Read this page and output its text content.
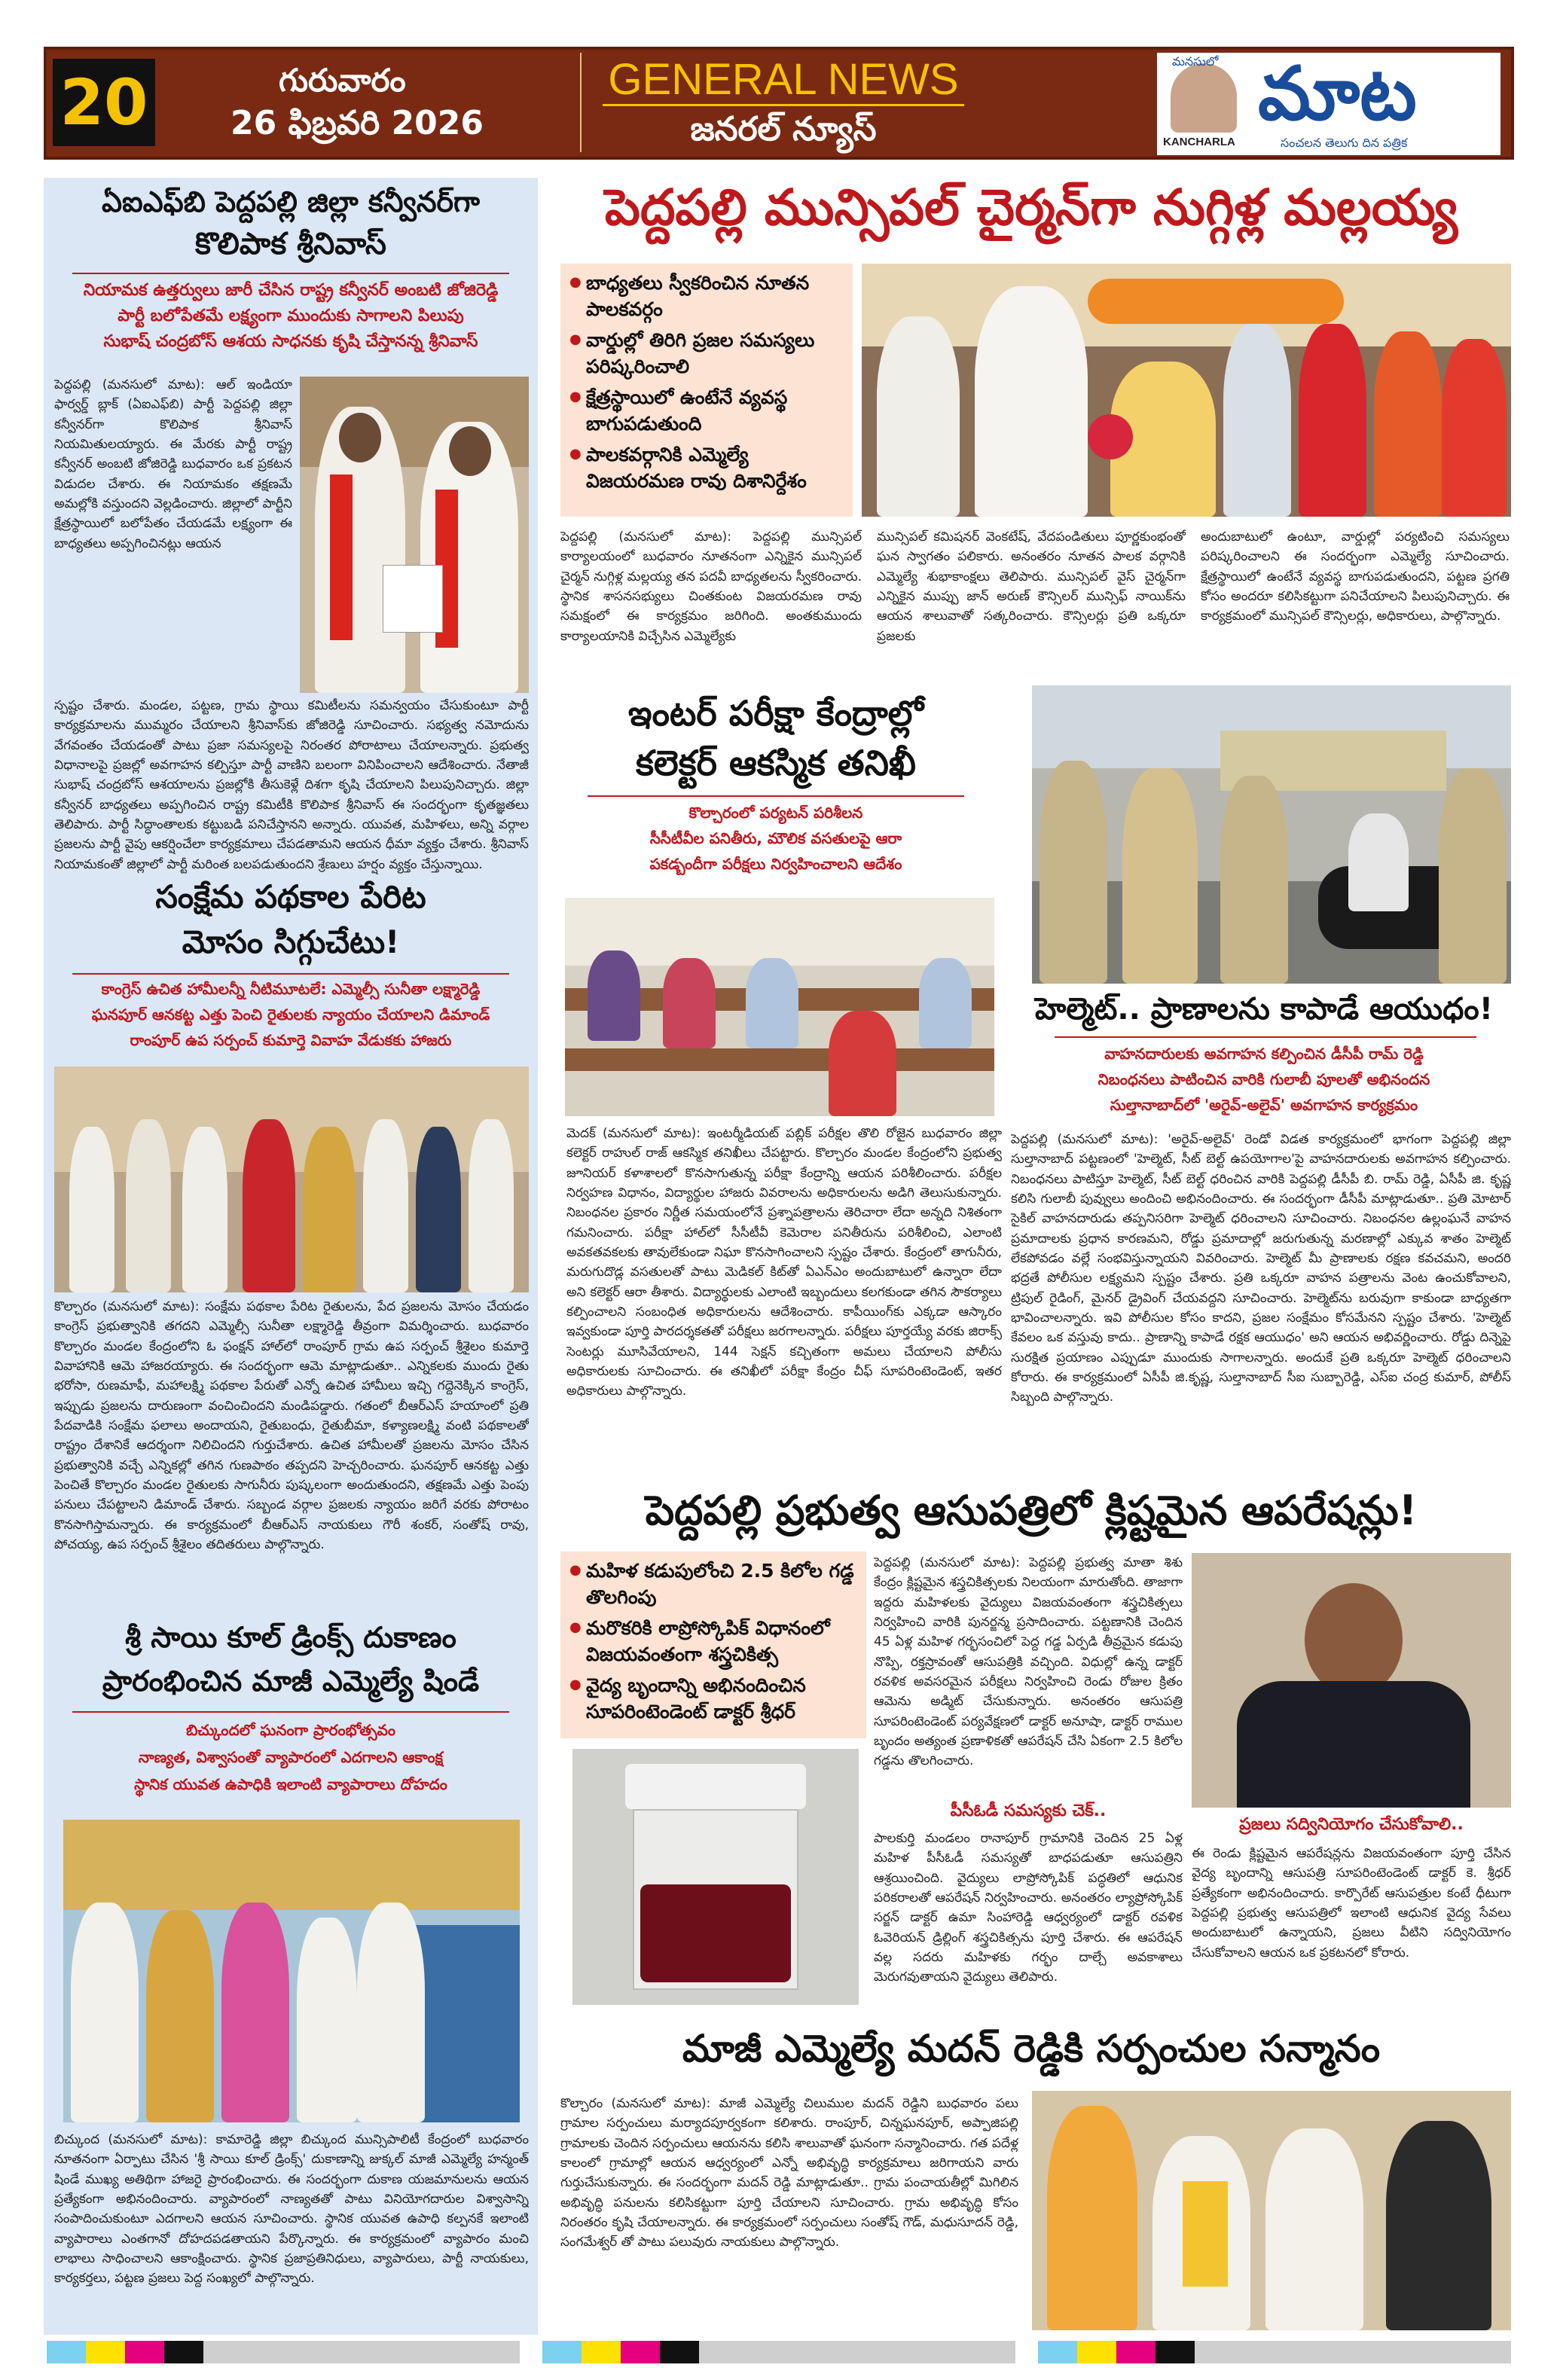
20	గురువారం
26 ఫిబ్రవరి 2026
GENERAL NEWS
జనరల్ న్యూస్
మనసులో
KANCHARLA
మాట
సంచలన తెలుగు దిన పత్రిక
ఏఐఎఫ్‌బి పెద్దపల్లి జిల్లా కన్వీనర్‌గా
కొలిపాక శ్రీనివాస్
నియామక ఉత్తర్వులు జారీ చేసిన రాష్ట్ర కన్వీనర్ అంబటి జోజిరెడ్డి
పార్టీ బలోపేతమే లక్ష్యంగా ముందుకు సాగాలని పిలుపు
సుభాష్ చంద్రబోస్ ఆశయ సాధనకు కృషి చేస్తానన్న శ్రీనివాస్
పెద్దపల్లి (మనసులో మాట): ఆల్ ఇండియా ఫార్వర్డ్ బ్లాక్ (ఏఐఎఫ్‌బి) పార్టీ పెద్దపల్లి జిల్లా కన్వీనర్‌గా కొలిపాక శ్రీనివాస్ నియమితులయ్యారు. ఈ మేరకు పార్టీ రాష్ట్ర కన్వీనర్ అంబటి జోజిరెడ్డి బుధవారం ఒక ప్రకటన విడుదల చేశారు. ఈ నియామకం తక్షణమే అమల్లోకి వస్తుందని వెల్లడించారు. జిల్లాలో పార్టీని క్షేత్రస్థాయిలో బలోపేతం చేయడమే లక్ష్యంగా ఈ బాధ్యతలు అప్పగించినట్లు ఆయన
స్పష్టం చేశారు. మండల, పట్టణ, గ్రామ స్థాయి కమిటీలను సమన్వయం చేసుకుంటూ పార్టీ కార్యక్రమాలను ముమ్మరం చేయాలని శ్రీనివాస్‌కు జోజిరెడ్డి సూచించారు. సభ్యత్వ నమోదును వేగవంతం చేయడంతో పాటు ప్రజా సమస్యలపై నిరంతర పోరాటాలు చేయాలన్నారు. ప్రభుత్వ విధానాలపై ప్రజల్లో అవగాహన కల్పిస్తూ పార్టీ వాణిని బలంగా వినిపించాలని ఆదేశించారు. నేతాజీ సుభాష్ చంద్రబోస్ ఆశయాలను ప్రజల్లోకి తీసుకెళ్లే దిశగా కృషి చేయాలని పిలుపునిచ్చారు. జిల్లా కన్వీనర్ బాధ్యతలు అప్పగించిన రాష్ట్ర కమిటీకి కొలిపాక శ్రీనివాస్ ఈ సందర్భంగా కృతజ్ఞతలు తెలిపారు. పార్టీ సిద్ధాంతాలకు కట్టుబడి పనిచేస్తానని అన్నారు. యువత, మహిళలు, అన్ని వర్గాల ప్రజలను పార్టీ వైపు ఆకర్షించేలా కార్యక్రమాలు చేపడతామని ఆయన ధీమా వ్యక్తం చేశారు. శ్రీనివాస్ నియామకంతో జిల్లాలో పార్టీ మరింత బలపడుతుందని శ్రేణులు హర్షం వ్యక్తం చేస్తున్నాయి.
సంక్షేమ పథకాల పేరిట
మోసం సిగ్గుచేటు!
కాంగ్రెస్ ఉచిత హామీలన్నీ నీటిమూటలే: ఎమ్మెల్సీ సునీతా లక్ష్మారెడ్డి
ఘనపూర్ ఆనకట్ట ఎత్తు పెంచి రైతులకు న్యాయం చేయాలని డిమాండ్
రాంపూర్ ఉప సర్పంచ్ కుమార్తె వివాహ వేడుకకు హాజరు
కొల్చారం (మనసులో మాట): సంక్షేమ పథకాల పేరిట రైతులను, పేద ప్రజలను మోసం చేయడం కాంగ్రెస్ ప్రభుత్వానికి తగదని ఎమ్మెల్సీ సునీతా లక్ష్మారెడ్డి తీవ్రంగా విమర్శించారు. బుధవారం కొల్చారం మండల కేంద్రంలోని ఓ ఫంక్షన్ హాల్‌లో రాంపూర్ గ్రామ ఉప సర్పంచ్ శ్రీశైలం కుమార్తె వివాహానికి ఆమె హాజరయ్యారు. ఈ సందర్భంగా ఆమె మాట్లాడుతూ.. ఎన్నికలకు ముందు రైతు భరోసా, రుణమాఫీ, మహాలక్ష్మి పథకాల పేరుతో ఎన్నో ఉచిత హామీలు ఇచ్చి గద్దెనెక్కిన కాంగ్రెస్, ఇప్పుడు ప్రజలను దారుణంగా వంచించిందని మండిపడ్డారు. గతంలో బీఆర్‌ఎస్ హయాంలో ప్రతి పేదవాడికి సంక్షేమ ఫలాలు అందాయని, రైతుబంధు, రైతుబీమా, కళ్యాణలక్ష్మి వంటి పథకాలతో రాష్ట్రం దేశానికే ఆదర్శంగా నిలిచిందని గుర్తుచేశారు. ఉచిత హామీలతో ప్రజలను మోసం చేసిన ప్రభుత్వానికి వచ్చే ఎన్నికల్లో తగిన గుణపాఠం తప్పదని హెచ్చరించారు. ఘనపూర్ ఆనకట్ట ఎత్తు పెంచితే కొల్చారం మండల రైతులకు సాగునీరు పుష్కలంగా అందుతుందని, తక్షణమే ఎత్తు పెంపు పనులు చేపట్టాలని డిమాండ్ చేశారు. సబ్బండ వర్గాల ప్రజలకు న్యాయం జరిగే వరకు పోరాటం కొనసాగిస్తామన్నారు. ఈ కార్యక్రమంలో బీఆర్‌ఎస్ నాయకులు గౌరీ శంకర్, సంతోష్ రావు, పోచయ్య, ఉప సర్పంచ్ శ్రీశైలం తదితరులు పాల్గొన్నారు.
శ్రీ సాయి కూల్ డ్రింక్స్ దుకాణం
ప్రారంభించిన మాజీ ఎమ్మెల్యే షిండే
బిచ్కుందలో ఘనంగా ప్రారంభోత్సవం
నాణ్యత, విశ్వాసంతో వ్యాపారంలో ఎదగాలని ఆకాంక్ష
స్థానిక యువత ఉపాధికి ఇలాంటి వ్యాపారాలు దోహదం
బిచ్కుంద (మనసులో మాట): కామారెడ్డి జిల్లా బిచ్కుంద మున్సిపాలిటీ కేంద్రంలో బుధవారం నూతనంగా ఏర్పాటు చేసిన 'శ్రీ సాయి కూల్ డ్రింక్స్' దుకాణాన్ని జుక్కల్ మాజీ ఎమ్మెల్యే హన్మంత్ షిండే ముఖ్య అతిథిగా హాజరై ప్రారంభించారు. ఈ సందర్భంగా దుకాణ యజమానులను ఆయన ప్రత్యేకంగా అభినందించారు. వ్యాపారంలో నాణ్యతతో పాటు వినియోగదారుల విశ్వాసాన్ని సంపాదించుకుంటూ ఎదగాలని ఆయన సూచించారు. స్థానిక యువత ఉపాధి కల్పనకే ఇలాంటి వ్యాపారాలు ఎంతగానో దోహదపడతాయని పేర్కొన్నారు. ఈ కార్యక్రమంలో వ్యాపారం మంచి లాభాలు సాధించాలని ఆకాంక్షించారు. స్థానిక ప్రజాప్రతినిధులు, వ్యాపారులు, పార్టీ నాయకులు, కార్యకర్తలు, పట్టణ ప్రజలు పెద్ద సంఖ్యలో పాల్గొన్నారు.
పెద్దపల్లి మున్సిపల్ చైర్మన్‌గా నుగ్గిళ్ల మల్లయ్య
● బాధ్యతలు స్వీకరించిన నూతన పాలకవర్గం
● వార్డుల్లో తిరిగి ప్రజల సమస్యలు పరిష్కరించాలి
● క్షేత్రస్థాయిలో ఉంటేనే వ్యవస్థ బాగుపడుతుంది
● పాలకవర్గానికి ఎమ్మెల్యే విజయరమణ రావు దిశానిర్దేశం
పెద్దపల్లి (మనసులో మాట): పెద్దపల్లి మున్సిపల్ కార్యాలయంలో బుధవారం నూతనంగా ఎన్నికైన మున్సిపల్ చైర్మన్ నుగ్గిళ్ల మల్లయ్య తన పదవీ బాధ్యతలను స్వీకరించారు. స్థానిక శాసనసభ్యులు చింతకుంట విజయరమణ రావు సమక్షంలో ఈ కార్యక్రమం జరిగింది. అంతకుముందు కార్యాలయానికి విచ్చేసిన ఎమ్మెల్యేకు
మున్సిపల్ కమిషనర్ వెంకటేష్, వేదపండితులు పూర్ణకుంభంతో ఘన స్వాగతం పలికారు. అనంతరం నూతన పాలక వర్గానికి ఎమ్మెల్యే శుభాకాంక్షలు తెలిపారు. మున్సిపల్ వైస్ చైర్మన్‌గా ఎన్నికైన ముప్పు జాన్ అరుణ్ కౌన్సిలర్ మున్సిఫ్ నాయిక్‌ను ఆయన శాలువాతో సత్కరించారు. కౌన్సిలర్లు ప్రతి ఒక్కరూ ప్రజలకు
అందుబాటులో ఉంటూ, వార్డుల్లో పర్యటించి సమస్యలు పరిష్కరించాలని ఈ సందర్భంగా ఎమ్మెల్యే సూచించారు. క్షేత్రస్థాయిలో ఉంటేనే వ్యవస్థ బాగుపడుతుందని, పట్టణ ప్రగతి కోసం అందరూ కలిసికట్టుగా పనిచేయాలని పిలుపునిచ్చారు. ఈ కార్యక్రమంలో మున్సిపల్ కౌన్సిలర్లు, అధికారులు, పాల్గొన్నారు.
ఇంటర్ పరీక్షా కేంద్రాల్లో
కలెక్టర్ ఆకస్మిక తనిఖీ
కొల్చారంలో పర్యటన్ పరిశీలన
సీసీటీవీల పనితీరు, మౌలిక వసతులపై ఆరా
పకడ్బందీగా పరీక్షలు నిర్వహించాలని ఆదేశం
మెదక్ (మనసులో మాట): ఇంటర్మీడియట్ పబ్లిక్ పరీక్షల తొలి రోజైన బుధవారం జిల్లా కలెక్టర్ రాహుల్ రాజ్ ఆకస్మిక తనిఖీలు చేపట్టారు. కొల్చారం మండల కేంద్రంలోని ప్రభుత్వ జూనియర్ కళాశాలలో కొనసాగుతున్న పరీక్షా కేంద్రాన్ని ఆయన పరిశీలించారు. పరీక్షల నిర్వహణ విధానం, విద్యార్థుల హాజరు వివరాలను అధికారులను అడిగి తెలుసుకున్నారు. నిబంధనల ప్రకారం నిర్ణీత సమయంలోనే ప్రశ్నాపత్రాలను తెరిచారా లేదా అన్నది నిశితంగా గమనించారు. పరీక్షా హాల్‌లో సీసీటీవీ కెమెరాల పనితీరును పరిశీలించి, ఎలాంటి అవకతవకలకు తావులేకుండా నిఘా కొనసాగించాలని స్పష్టం చేశారు. కేంద్రంలో తాగునీరు, మరుగుదొడ్ల వసతులతో పాటు మెడికల్ కిట్‌తో ఏఎన్‌ఎం అందుబాటులో ఉన్నారా లేదా అని కలెక్టర్ ఆరా తీశారు. విద్యార్థులకు ఎలాంటి ఇబ్బందులు కలగకుండా తగిన సౌకర్యాలు కల్పించాలని సంబంధిత అధికారులను ఆదేశించారు. కాపీయింగ్‌కు ఎక్కడా ఆస్కారం ఇవ్వకుండా పూర్తి పారదర్శకతతో పరీక్షలు జరగాలన్నారు. పరీక్షలు పూర్తయ్యే వరకు జిరాక్స్ సెంటర్లు మూసివేయాలని, 144 సెక్షన్ కచ్చితంగా అమలు చేయాలని పోలీసు అధికారులకు సూచించారు. ఈ తనిఖీలో పరీక్షా కేంద్రం చీఫ్ సూపరింటెండెంట్, ఇతర అధికారులు పాల్గొన్నారు.
హెల్మెట్.. ప్రాణాలను కాపాడే ఆయుధం!
వాహనదారులకు అవగాహన కల్పించిన డీసీపీ రామ్ రెడ్డి
నిబంధనలు పాటించిన వారికి గులాబీ పూలతో అభినందన
సుల్తానాబాద్‌లో 'అరైవ్-అలైవ్' అవగాహన కార్యక్రమం
పెద్దపల్లి (మనసులో మాట): 'అరైవ్-అలైవ్' రెండో విడత కార్యక్రమంలో భాగంగా పెద్దపల్లి జిల్లా సుల్తానాబాద్ పట్టణంలో 'హెల్మెట్, సీట్ బెల్ట్ ఉపయోగాల'పై వాహనదారులకు అవగాహన కల్పించారు. నిబంధనలు పాటిస్తూ హెల్మెట్, సీట్ బెల్ట్ ధరించిన వారికి పెద్దపల్లి డీసీపీ బి. రామ్ రెడ్డి, ఏసీపీ జి. కృష్ణ కలిసి గులాబీ పువ్వులు అందించి అభినందించారు. ఈ సందర్భంగా డీసీపీ మాట్లాడుతూ.. ప్రతి మోటార్ సైకిల్ వాహనదారుడు తప్పనిసరిగా హెల్మెట్ ధరించాలని సూచించారు. నిబంధనల ఉల్లంఘనే వాహన ప్రమాదాలకు ప్రధాన కారణమని, రోడ్డు ప్రమాదాల్లో జరుగుతున్న మరణాల్లో ఎక్కువ శాతం హెల్మెట్ లేకపోవడం వల్లే సంభవిస్తున్నాయని వివరించారు. హెల్మెట్ మీ ప్రాణాలకు రక్షణ కవచమని, అందరి భద్రతే పోలీసుల లక్ష్యమని స్పష్టం చేశారు. ప్రతి ఒక్కరూ వాహన పత్రాలను వెంట ఉంచుకోవాలని, ట్రిపుల్ రైడింగ్, మైనర్ డ్రైవింగ్ చేయవద్దని సూచించారు. హెల్మెట్‌ను బరువుగా కాకుండా బాధ్యతగా భావించాలన్నారు. ఇవి పోలీసుల కోసం కాదని, ప్రజల సంక్షేమం కోసమేనని స్పష్టం చేశారు. 'హెల్మెట్ కేవలం ఒక వస్తువు కాదు.. ప్రాణాన్ని కాపాడే రక్షక ఆయుధం' అని ఆయన అభివర్ణించారు. రోడ్డు దిన్నెపై సురక్షిత ప్రయాణం ఎప్పుడూ ముందుకు సాగాలన్నారు. అందుకే ప్రతి ఒక్కరూ హెల్మెట్ ధరించాలని కోరారు. ఈ కార్యక్రమంలో ఏసీపీ జి.కృష్ణ, సుల్తానాబాద్ సీఐ సుబ్బారెడ్డి, ఎస్‌ఐ చంద్ర కుమార్, పోలీస్ సిబ్బంది పాల్గొన్నారు.
పెద్దపల్లి ప్రభుత్వ ఆసుపత్రిలో క్లిష్టమైన ఆపరేషన్లు!
● మహిళ కడుపులోంచి 2.5 కిలోల గడ్డ తొలగింపు
● మరొకరికి లాప్రోస్కోపిక్ విధానంలో విజయవంతంగా శస్త్రచికిత్స
● వైద్య బృందాన్ని అభినందించిన సూపరింటెండెంట్ డాక్టర్ శ్రీధర్
పెద్దపల్లి (మనసులో మాట): పెద్దపల్లి ప్రభుత్వ మాతా శిశు కేంద్రం క్లిష్టమైన శస్త్రచికిత్సలకు నిలయంగా మారుతోంది. తాజాగా ఇద్దరు మహిళలకు వైద్యులు విజయవంతంగా శస్త్రచికిత్సలు నిర్వహించి వారికి పునర్జన్మ ప్రసాదించారు. పట్టణానికి చెందిన 45 ఏళ్ల మహిళ గర్భసంచిలో పెద్ద గడ్డ ఏర్పడి తీవ్రమైన కడుపు నొప్పి, రక్తస్రావంతో ఆసుపత్రికి వచ్చింది. విధుల్లో ఉన్న డాక్టర్ రవళిక అవసరమైన పరీక్షలు నిర్వహించి రెండు రోజుల క్రితం ఆమెను అడ్మిట్ చేసుకున్నారు. అనంతరం ఆసుపత్రి సూపరింటెండెంట్ పర్యవేక్షణలో డాక్టర్ అనూషా, డాక్టర్ రాముల బృందం అత్యంత ప్రణాళికతో ఆపరేషన్ చేసి ఏకంగా 2.5 కిలోల గడ్డను తొలగించారు.
పీసీఓడీ సమస్యకు చెక్..
పాలకుర్తి మండలం రానాపూర్ గ్రామానికి చెందిన 25 ఏళ్ల మహిళ పీసీఓడీ సమస్యతో బాధపడుతూ ఆసుపత్రిని ఆశ్రయించింది. వైద్యులు లాప్రోస్కోపిక్ పద్ధతిలో ఆధునిక పరికరాలతో ఆపరేషన్ నిర్వహించారు. అనంతరం ల్యాప్రోస్కోపిక్ సర్జన్ డాక్టర్ ఉమా సింహారెడ్డి ఆధ్వర్యంలో డాక్టర్ రవళిక ఓవెరియన్ డ్రిల్లింగ్ శస్త్రచికిత్సను పూర్తి చేశారు. ఈ ఆపరేషన్ వల్ల సదరు మహిళకు గర్భం దాల్చే అవకాశాలు మెరుగవుతాయని వైద్యులు తెలిపారు.
ప్రజలు సద్వినియోగం చేసుకోవాలి..
ఈ రెండు క్లిష్టమైన ఆపరేషన్లను విజయవంతంగా పూర్తి చేసిన వైద్య బృందాన్ని ఆసుపత్రి సూపరింటెండెంట్ డాక్టర్ కె. శ్రీధర్ ప్రత్యేకంగా అభినందించారు. కార్పొరేట్ ఆసుపత్రుల కంటే ధీటుగా పెద్దపల్లి ప్రభుత్వ ఆసుపత్రిలో ఇలాంటి ఆధునిక వైద్య సేవలు అందుబాటులో ఉన్నాయని, ప్రజలు వీటిని సద్వినియోగం చేసుకోవాలని ఆయన ఒక ప్రకటనలో కోరారు.
మాజీ ఎమ్మెల్యే మదన్ రెడ్డికి సర్పంచుల సన్మానం
కొల్చారం (మనసులో మాట): మాజీ ఎమ్మెల్యే చిలుముల మదన్ రెడ్డిని బుధవారం పలు గ్రామాల సర్పంచులు మర్యాదపూర్వకంగా కలిశారు. రాంపూర్, చిన్నఘనపూర్, అప్పాజిపల్లి గ్రామాలకు చెందిన సర్పంచులు ఆయనను కలిసి శాలువాతో ఘనంగా సన్మానించారు. గత పదేళ్ల కాలంలో గ్రామాల్లో ఆయన ఆధ్వర్యంలో ఎన్నో అభివృద్ధి కార్యక్రమాలు జరిగాయని వారు గుర్తుచేసుకున్నారు. ఈ సందర్భంగా మదన్ రెడ్డి మాట్లాడుతూ.. గ్రామ పంచాయతీల్లో మిగిలిన అభివృద్ధి పనులను కలిసికట్టుగా పూర్తి చేయాలని సూచించారు. గ్రామ అభివృద్ధి కోసం నిరంతరం కృషి చేయాలన్నారు. ఈ కార్యక్రమంలో సర్పంచులు సంతోష్ గౌడ్, మధుసూదన్ రెడ్డి, సంగమేశ్వర్ తో పాటు పలువురు నాయకులు పాల్గొన్నారు.
